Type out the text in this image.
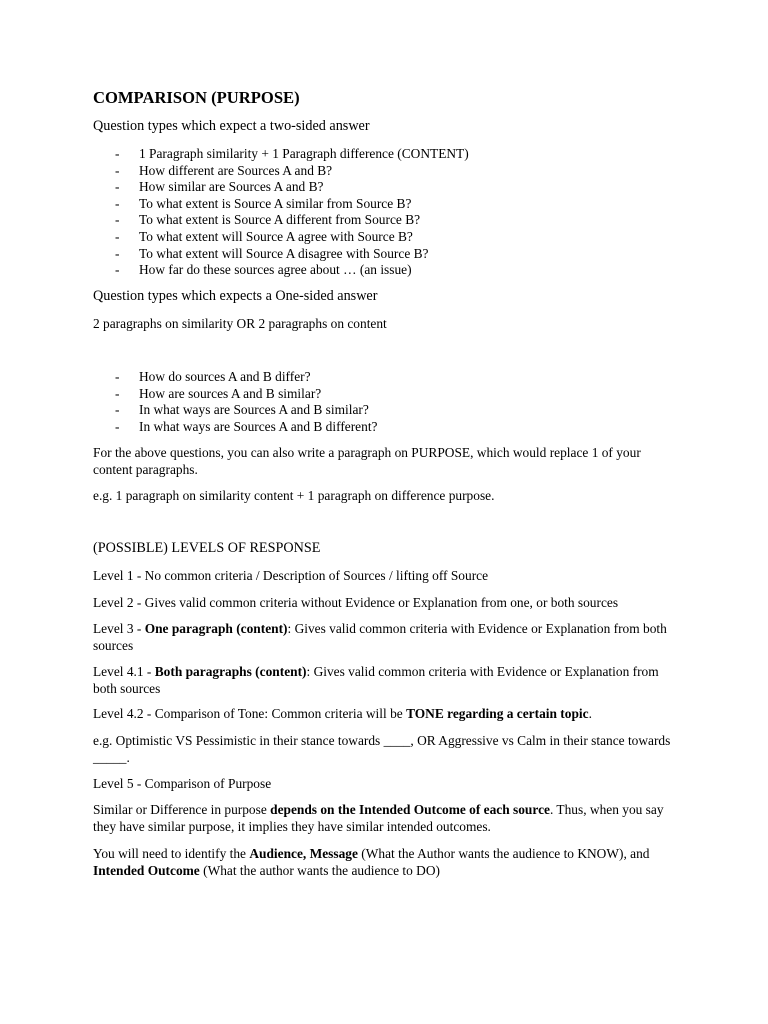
COMPARISON (PURPOSE)

Question types which expect a two-sided answer

- 1 Paragraph similarity + 1 Paragraph difference (CONTENT)
- How different are Sources A and B?
- How similar are Sources A and B?
- To what extent is Source A similar from Source B?
- To what extent is Source A different from Source B?
- To what extent will Source A agree with Source B?
- To what extent will Source A disagree with Source B?
- How far do these sources agree about … (an issue)

Question types which expects a One-sided answer

2 paragraphs on similarity OR 2 paragraphs on content

- How do sources A and B differ?
- How are sources A and B similar?
- In what ways are Sources A and B similar?
- In what ways are Sources A and B different?

For the above questions, you can also write a paragraph on PURPOSE, which would replace 1 of your content paragraphs.

e.g. 1 paragraph on similarity content + 1 paragraph on difference purpose.

(POSSIBLE) LEVELS OF RESPONSE

Level 1 - No common criteria / Description of Sources / lifting off Source

Level 2 - Gives valid common criteria without Evidence or Explanation from one, or both sources

Level 3 - One paragraph (content): Gives valid common criteria with Evidence or Explanation from both sources

Level 4.1 - Both paragraphs (content): Gives valid common criteria with Evidence or Explanation from both sources

Level 4.2 - Comparison of Tone: Common criteria will be TONE regarding a certain topic.

e.g. Optimistic VS Pessimistic in their stance towards ____, OR Aggressive vs Calm in their stance towards _____.

Level 5 - Comparison of Purpose

Similar or Difference in purpose depends on the Intended Outcome of each source. Thus, when you say they have similar purpose, it implies they have similar intended outcomes.

You will need to identify the Audience, Message (What the Author wants the audience to KNOW), and Intended Outcome (What the author wants the audience to DO)
